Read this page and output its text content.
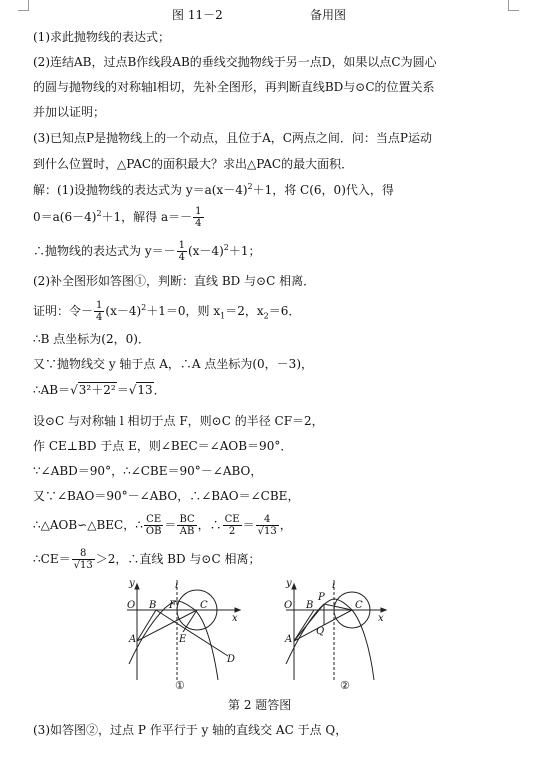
图 11－2	备用图
(1)求此抛物线的表达式；
(2)连结AB，过点B作线段AB的垂线交抛物线于另一点D，如果以点C为圆心
的圆与抛物线的对称轴l相切，先补全图形，再判断直线BD与⊙C的位置关系
并加以证明；
(3)已知点P是抛物线上的一个动点，且位于A，C两点之间．问：当点P运动
到什么位置时，△PAC的面积最大？求出△PAC的最大面积．
解：(1)设抛物线的表达式为 $y=a(x-4)^2+1$，将 C(6，0)代入，得
$0=a(6-4)^2+1$，解得 $a=- \frac{1}{4}$
∴抛物线的表达式为 $y=- \frac{1}{4} (x-4)^2+1$；
(2)补全图形如答图①，判断：直线 BD 与⊙C 相离．
证明：令－ $\frac{1}{4} (x-4)^2+1=0$，则 $x_1=2$，$x_2=6$．
∴B 点坐标为(2，0)．
又∵抛物线交 y 轴于点 A，∴A 点坐标为(0，－3)，
∴AB＝√3²＋2²＝√13．
设⊙C 与对称轴 l 相切于点 F，则⊙C 的半径 CF＝2，
作 CE⊥BD 于点 E，则∠BEC＝∠AOB＝90°．
∵∠ABD＝90°，∴∠CBE＝90°－∠ABO，
又∵∠BAO＝90°－∠ABO，∴∠BAO＝∠CBE，
∴△AOB∽△BEC，∴ $\frac{CE}{OB} = \frac{BC}{AB}$ ，∴ $\frac{CE}{2} = \frac{4}{√13}$ ，
∴CE＝ $\frac{8}{√13} >2$，∴直线 BD 与⊙C 相离；
y	l
O B F C
x
E
A
D
①
y	l
P
O B	C
x
Q
A
②
第 2 题答图
(3)如答图②，过点 P 作平行于 y 轴的直线交 AC 于点 Q，
